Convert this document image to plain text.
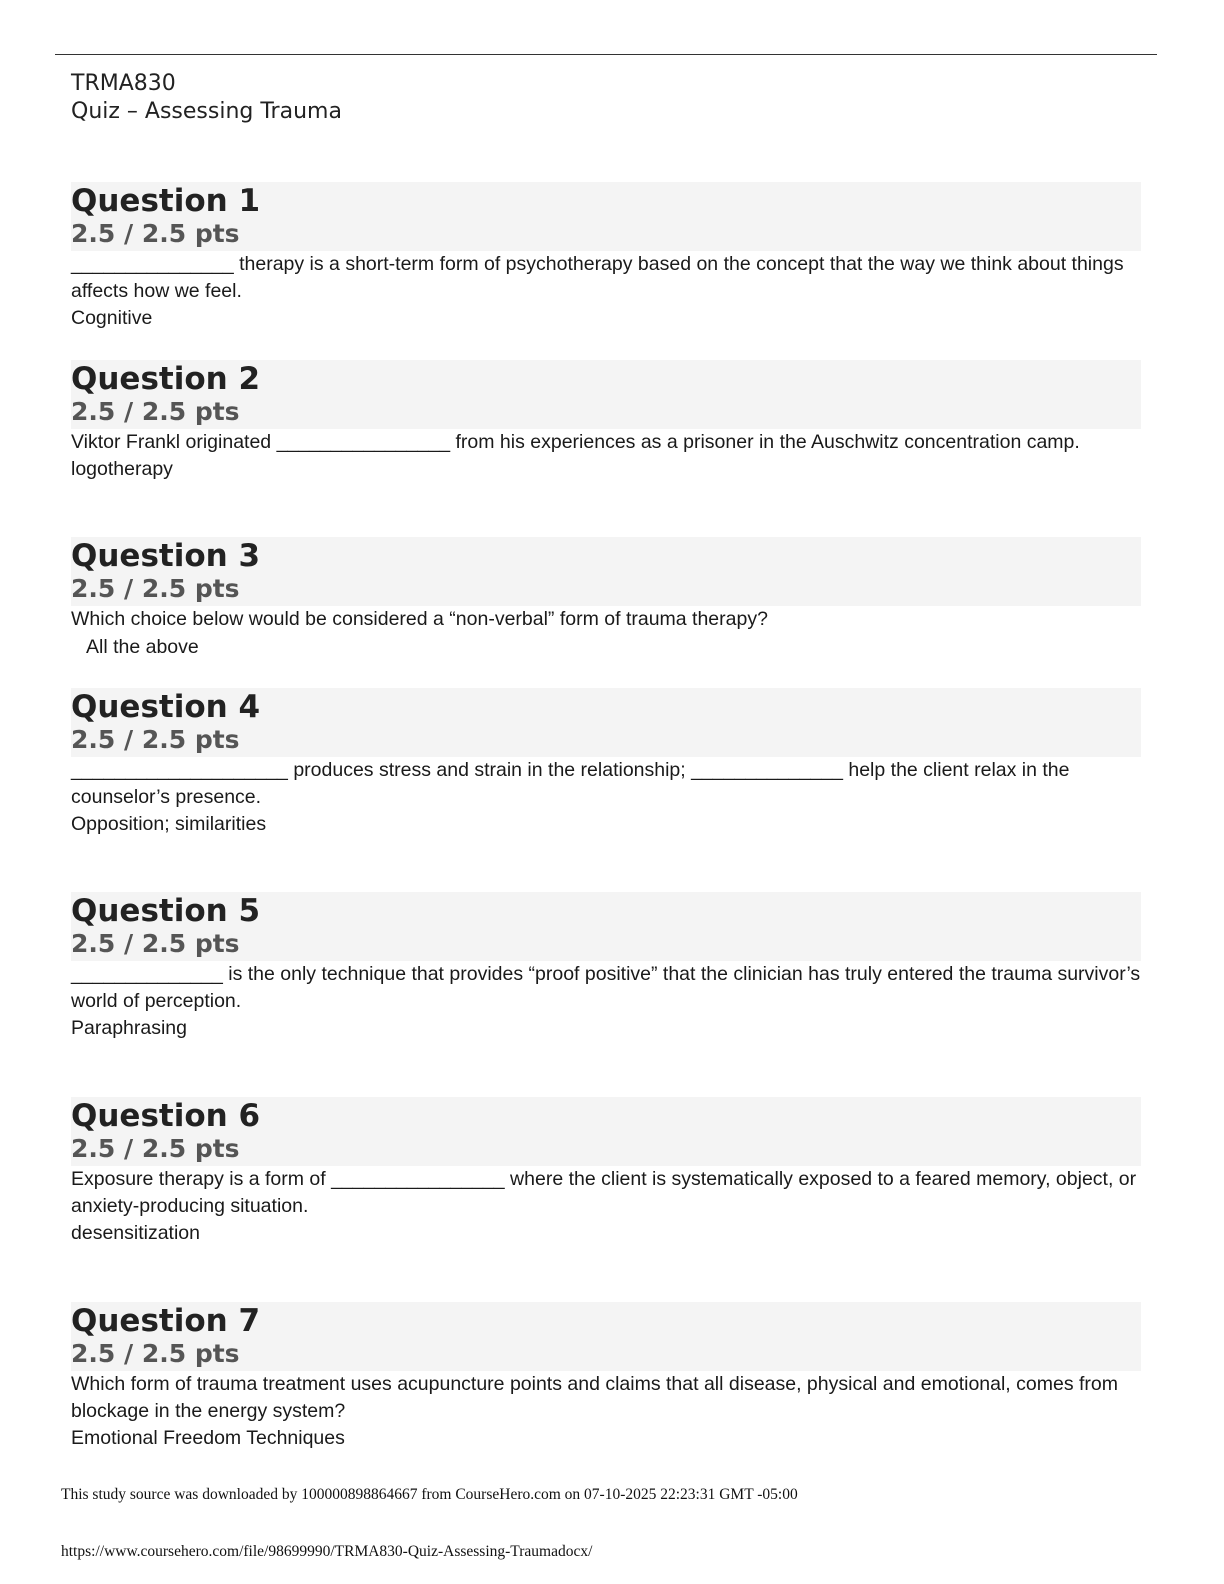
TRMA830
Quiz – Assessing Trauma
Question 1
2.5 / 2.5 pts
_______________ therapy is a short-term form of psychotherapy based on the concept that the way we think about things affects how we feel.
Cognitive
Question 2
2.5 / 2.5 pts
Viktor Frankl originated ________________ from his experiences as a prisoner in the Auschwitz concentration camp.
logotherapy
Question 3
2.5 / 2.5 pts
Which choice below would be considered a “non-verbal” form of trauma therapy?
All the above
Question 4
2.5 / 2.5 pts
____________________ produces stress and strain in the relationship; ______________ help the client relax in the counselor’s presence.
Opposition; similarities
Question 5
2.5 / 2.5 pts
______________ is the only technique that provides “proof positive” that the clinician has truly entered the trauma survivor’s world of perception.
Paraphrasing
Question 6
2.5 / 2.5 pts
Exposure therapy is a form of ________________ where the client is systematically exposed to a feared memory, object, or anxiety-producing situation.
desensitization
Question 7
2.5 / 2.5 pts
Which form of trauma treatment uses acupuncture points and claims that all disease, physical and emotional, comes from blockage in the energy system?
Emotional Freedom Techniques
This study source was downloaded by 100000898864667 from CourseHero.com on 07-10-2025 22:23:31 GMT -05:00
https://www.coursehero.com/file/98699990/TRMA830-Quiz-Assessing-Traumadocx/
